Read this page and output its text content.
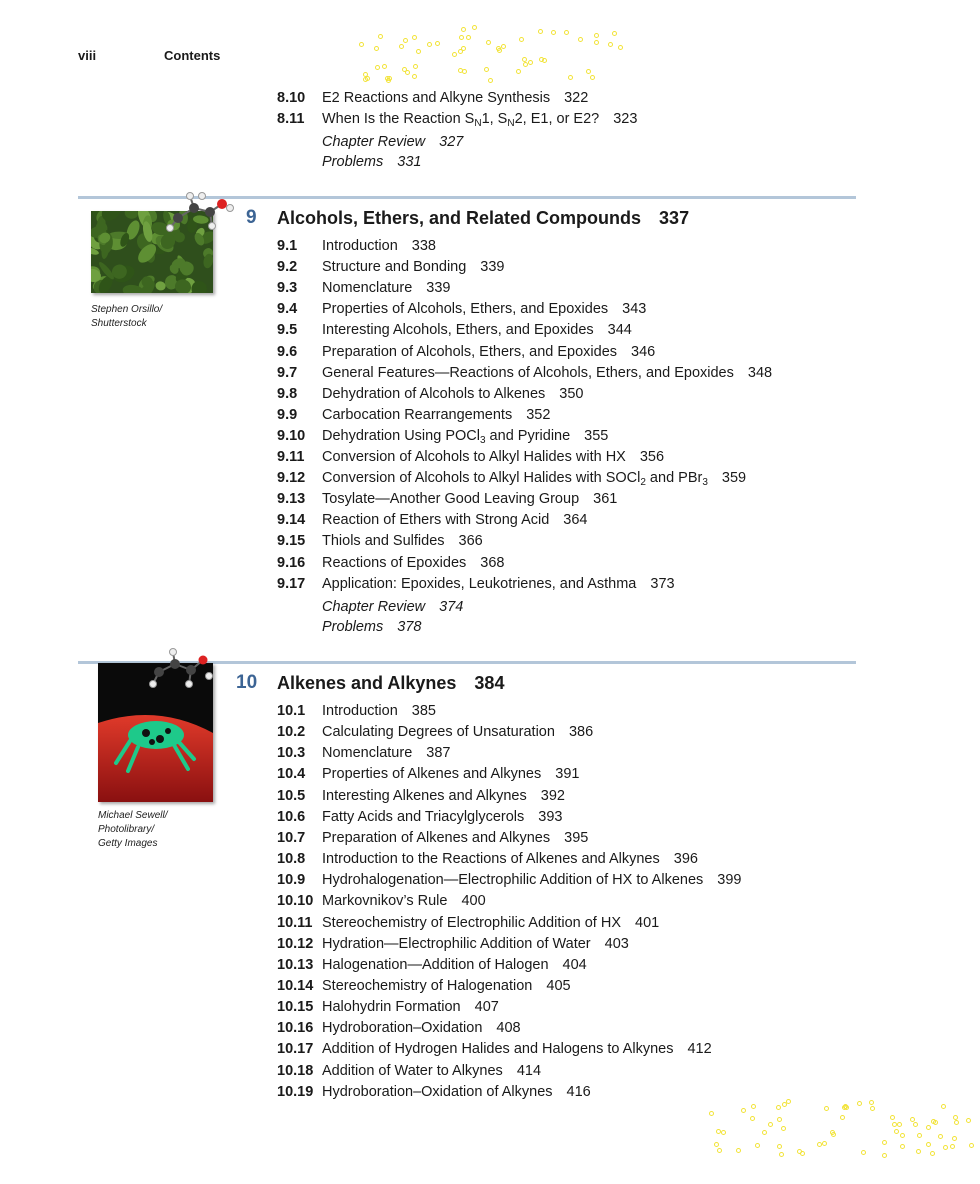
viii	Contents
8.10 E2 Reactions and Alkyne Synthesis 322
8.11 When Is the Reaction $S_N1$, $S_N2$, E1, or E2? 323
Chapter Review 327
Problems 331
Stephen Orsillo/
Shutterstock
9 Alcohols, Ethers, and Related Compounds 337
9.1 Introduction 338
9.2 Structure and Bonding 339
9.3 Nomenclature 339
9.4 Properties of Alcohols, Ethers, and Epoxides 343
9.5 Interesting Alcohols, Ethers, and Epoxides 344
9.6 Preparation of Alcohols, Ethers, and Epoxides 346
9.7 General Features—Reactions of Alcohols, Ethers, and Epoxides 348
9.8 Dehydration of Alcohols to Alkenes 350
9.9 Carbocation Rearrangements 352
9.10 Dehydration Using POCl$_3$ and Pyridine 355
9.11 Conversion of Alcohols to Alkyl Halides with HX 356
9.12 Conversion of Alcohols to Alkyl Halides with SOCl$_2$ and PBr$_3$ 359
9.13 Tosylate—Another Good Leaving Group 361
9.14 Reaction of Ethers with Strong Acid 364
9.15 Thiols and Sulfides 366
9.16 Reactions of Epoxides 368
9.17 Application: Epoxides, Leukotrienes, and Asthma 373
Chapter Review 374
Problems 378
Michael Sewell/
Photolibrary/
Getty Images
10 Alkenes and Alkynes 384
10.1 Introduction 385
10.2 Calculating Degrees of Unsaturation 386
10.3 Nomenclature 387
10.4 Properties of Alkenes and Alkynes 391
10.5 Interesting Alkenes and Alkynes 392
10.6 Fatty Acids and Triacylglycerols 393
10.7 Preparation of Alkenes and Alkynes 395
10.8 Introduction to the Reactions of Alkenes and Alkynes 396
10.9 Hydrohalogenation—Electrophilic Addition of HX to Alkenes 399
10.10 Markovnikov’s Rule 400
10.11 Stereochemistry of Electrophilic Addition of HX 401
10.12 Hydration—Electrophilic Addition of Water 403
10.13 Halogenation—Addition of Halogen 404
10.14 Stereochemistry of Halogenation 405
10.15 Halohydrin Formation 407
10.16 Hydroboration–Oxidation 408
10.17 Addition of Hydrogen Halides and Halogens to Alkynes 412
10.18 Addition of Water to Alkynes 414
10.19 Hydroboration–Oxidation of Alkynes 416
